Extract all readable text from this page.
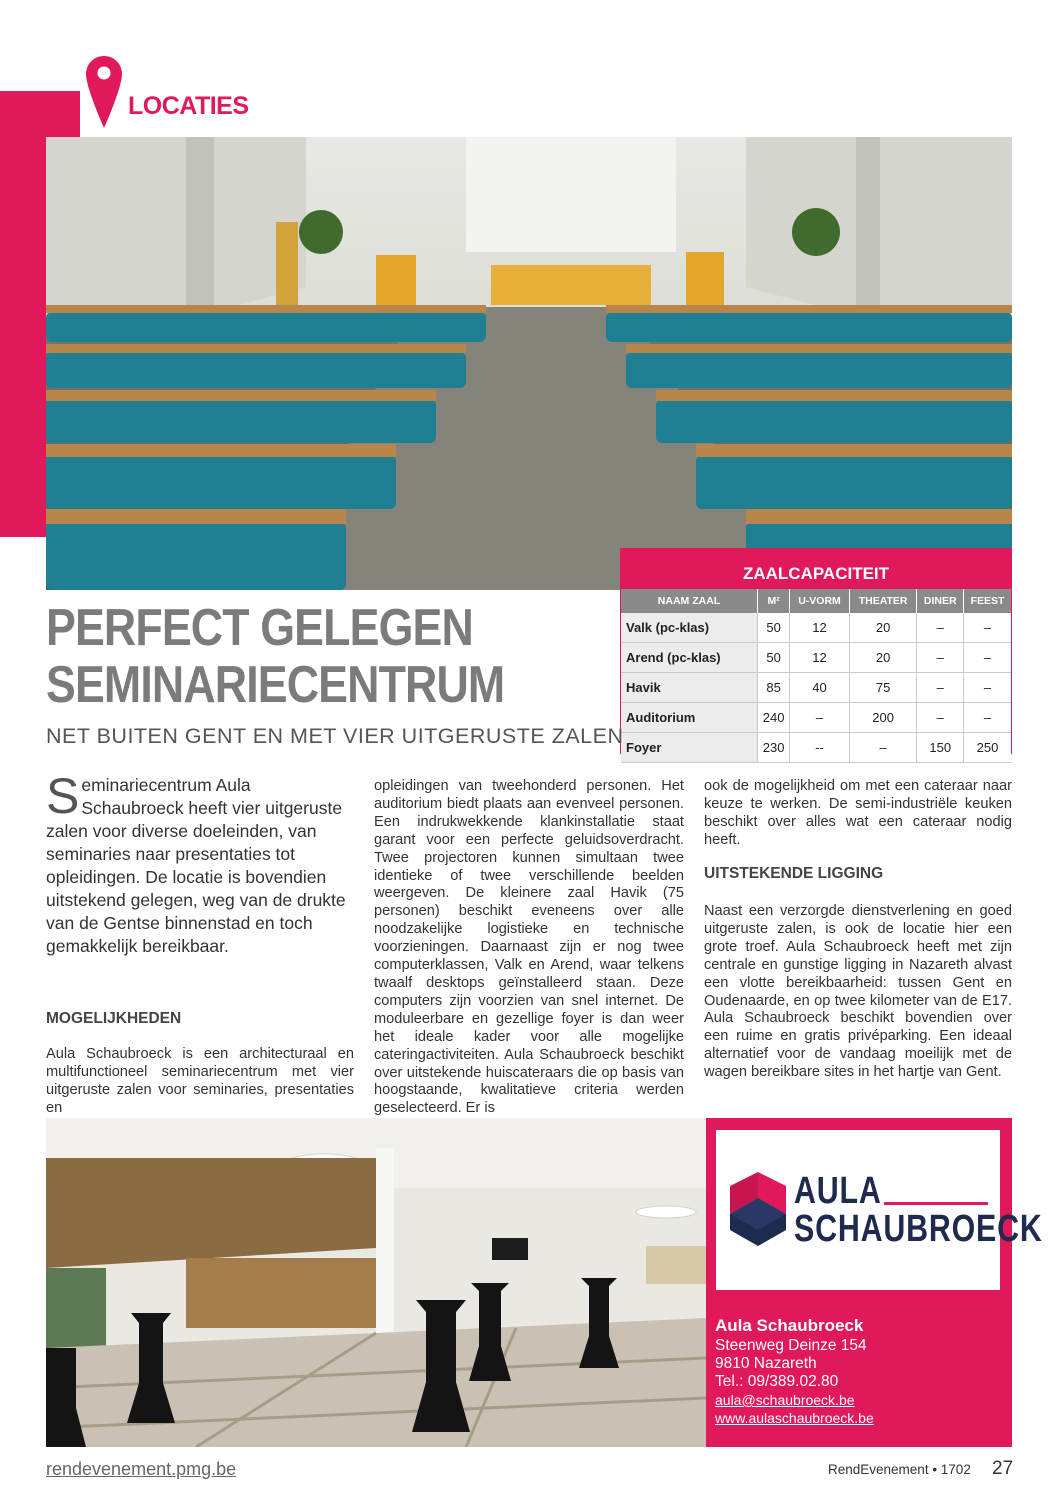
LOCATIES
ZAALCAPACITEIT
NAAM ZAAL	M²	U-VORM	THEATER	DINER	FEEST
Valk (pc-klas)	50	12	20	–	–
Arend (pc-klas)	50	12	20	–	–
Havik	85	40	75	–	–
Auditorium	240	–	200	–	–
Foyer	230	--	–	150	250
PERFECT GELEGEN
SEMINARIECENTRUM
NET BUITEN GENT EN MET VIER UITGERUSTE ZALEN
Seminariecentrum Aula Schaubroeck heeft vier uitgeruste zalen voor diverse doeleinden, van seminaries naar presentaties tot opleidingen. De locatie is bovendien uitstekend gelegen, weg van de drukte van de Gentse binnenstad en toch gemakkelijk bereikbaar.
MOGELIJKHEDEN
Aula Schaubroeck is een architecturaal en multifunctioneel seminariecentrum met vier uitgeruste zalen voor seminaries, presentaties en
opleidingen van tweehonderd personen. Het auditorium biedt plaats aan evenveel personen. Een indrukwekkende klankinstallatie staat garant voor een perfecte geluidsoverdracht. Twee projectoren kunnen simultaan twee identieke of twee verschillende beelden weergeven. De kleinere zaal Havik (75 personen) beschikt eveneens over alle noodzakelijke logistieke en technische voorzieningen. Daarnaast zijn er nog twee computerklassen, Valk en Arend, waar telkens twaalf desktops geïnstalleerd staan. Deze computers zijn voorzien van snel internet. De moduleerbare en gezellige foyer is dan weer het ideale kader voor alle mogelijke cateringactiviteiten. Aula Schaubroeck beschikt over uitstekende huiscateraars die op basis van hoogstaande, kwalitatieve criteria werden geselecteerd. Er is
ook de mogelijkheid om met een cateraar naar keuze te werken. De semi-industriële keuken beschikt over alles wat een cateraar nodig heeft.
UITSTEKENDE LIGGING
Naast een verzorgde dienstverlening en goed uitgeruste zalen, is ook de locatie hier een grote troef. Aula Schaubroeck heeft met zijn centrale en gunstige ligging in Nazareth alvast een vlotte bereikbaarheid: tussen Gent en Oudenaarde, en op twee kilometer van de E17. Aula Schaubroeck beschikt bovendien over een ruime en gratis privéparking. Een ideaal alternatief voor de vandaag moeilijk met de wagen bereikbare sites in het hartje van Gent.
AULA
SCHAUBROECK
Aula Schaubroeck
Steenweg Deinze 154
9810 Nazareth
Tel.: 09/389.02.80
aula@schaubroeck.be
www.aulaschaubroeck.be
rendevenement.pmg.be	RendEvenement • 1702 27
